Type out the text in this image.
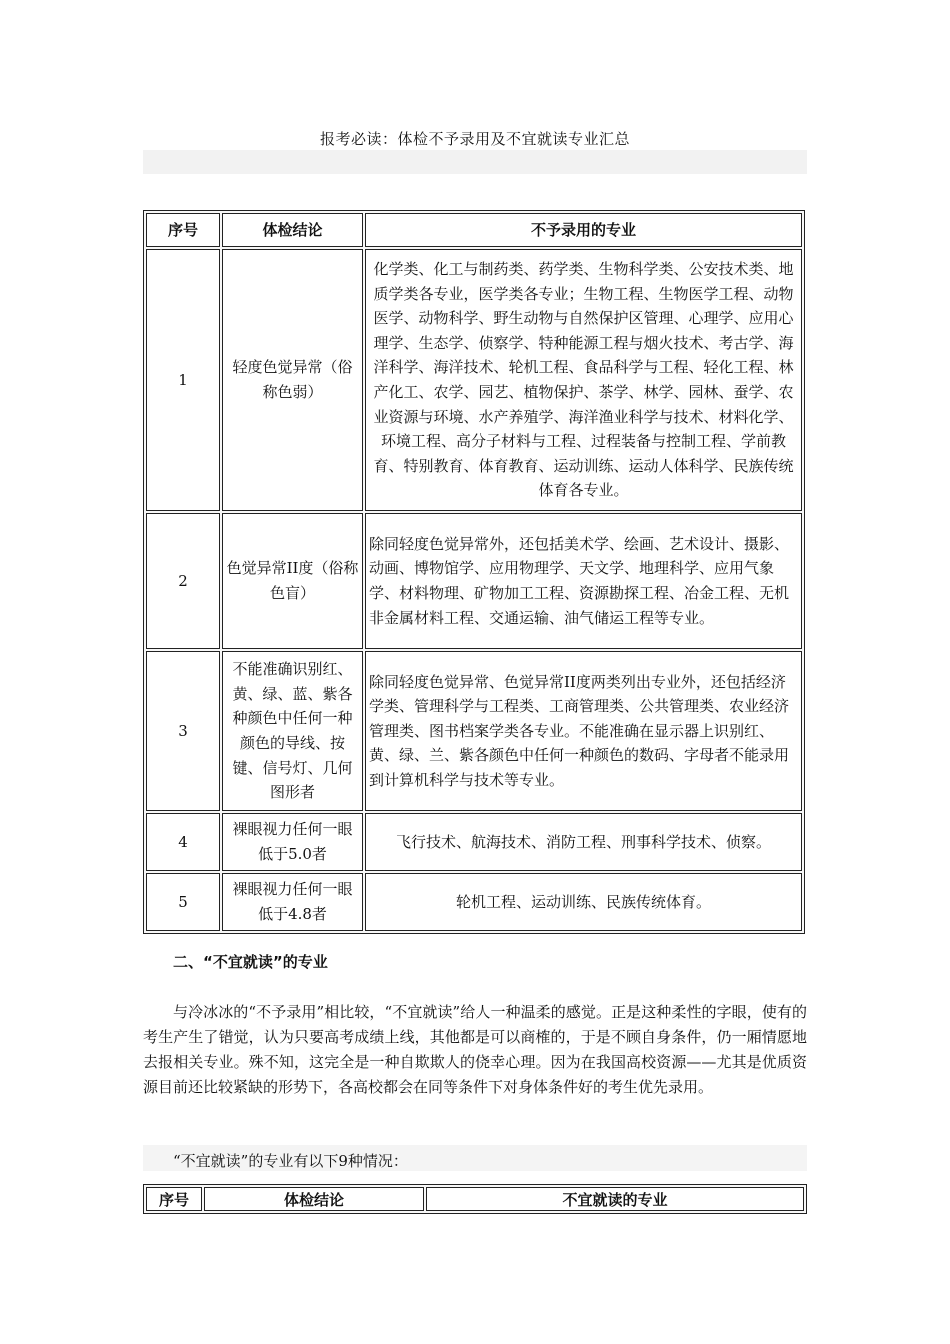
报考必读：体检不予录用及不宜就读专业汇总
序号	体检结论	不予录用的专业
1	轻度色觉异常（俗称色弱）	化学类、化工与制药类、药学类、生物科学类、公安技术类、地质学类各专业，医学类各专业；生物工程、生物医学工程、动物医学、动物科学、野生动物与自然保护区管理、心理学、应用心理学、生态学、侦察学、特种能源工程与烟火技术、考古学、海洋科学、海洋技术、轮机工程、食品科学与工程、轻化工程、林产化工、农学、园艺、植物保护、茶学、林学、园林、蚕学、农业资源与环境、水产养殖学、海洋渔业科学与技术、材料化学、环境工程、高分子材料与工程、过程装备与控制工程、学前教育、特别教育、体育教育、运动训练、运动人体科学、民族传统体育各专业。
2	色觉异常II度（俗称色盲）	除同轻度色觉异常外，还包括美术学、绘画、艺术设计、摄影、动画、博物馆学、应用物理学、天文学、地理科学、应用气象学、材料物理、矿物加工工程、资源勘探工程、冶金工程、无机非金属材料工程、交通运输、油气储运工程等专业。
3	不能准确识别红、黄、绿、蓝、紫各种颜色中任何一种颜色的导线、按键、信号灯、几何图形者	除同轻度色觉异常、色觉异常II度两类列出专业外，还包括经济学类、管理科学与工程类、工商管理类、公共管理类、农业经济管理类、图书档案学类各专业。不能准确在显示器上识别红、黄、绿、兰、紫各颜色中任何一种颜色的数码、字母者不能录用到计算机科学与技术等专业。
4	裸眼视力任何一眼低于5.0者	飞行技术、航海技术、消防工程、刑事科学技术、侦察。
5	裸眼视力任何一眼低于4.8者	轮机工程、运动训练、民族传统体育。
二、“不宜就读”的专业
与冷冰冰的“不予录用”相比较，“不宜就读”给人一种温柔的感觉。正是这种柔性的字眼，使有的考生产生了错觉，认为只要高考成绩上线，其他都是可以商榷的，于是不顾自身条件，仍一厢情愿地去报相关专业。殊不知，这完全是一种自欺欺人的侥幸心理。因为在我国高校资源——尤其是优质资源目前还比较紧缺的形势下，各高校都会在同等条件下对身体条件好的考生优先录用。
“不宜就读”的专业有以下9种情况：
序号	体检结论	不宜就读的专业
